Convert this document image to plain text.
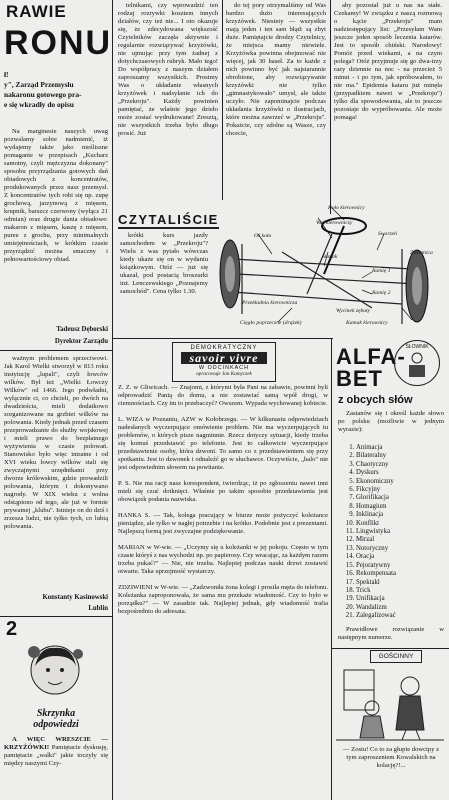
RAWIE
RONU
ł!
y", Zarząd Przemysłu
nakaronu gotowego pra-
e się wkradły do opisu

Na marginesie naszych uwag pozwalamy sobie nadmienić, iż wydajemy także jako nieśliszne pomaganie w przepisach „Kucharz samotny, czyli mężczyzna dokonany" sposobu przyrządzania gotowych dań obiadowych z koncentratów, produkowanych przez nasz przemysł. Z koncentratów tych robi się np. zupę grochową, jarzynową z mięsem, krupnik, barszcz czerwony (wyłącz 21 odmian) oraz drugie dania obiadowe: makaron z mięsem, kaszę z mięsem, puree z grochu, przy minimalnych umiejętnościach, w krótkim czasie przyrządzić można smaczny i pełnowartościowy obiad.

Tadeusz Dęborski
Dyrektor Zarządu

telnikami, czy wprowadzić ten rodzaj rozrywki kosztem innych działów, czy też nie... I oto okazuje się, że zdecydowana większość Czytelników zaczęła aktywnie i regularnie rozwiązywać krzyżówki, nie ujmując przy tym żadnej z dotychczasowych rubryk. Mało tego! Do współpracy z naszym działem zaproszamy wszystkich. Prosimy Was o układanie własnych krzyżówek i nadsyłanie ich do „Przekroju". Każdy powinien pamiętać, że właśnie jego dzieło może zostać wydrukowane! Zresztą, nie wszystkich trzeba było długo prosić. Już

do tej pory otrzymaliśmy od Was bardzo dużo interesujących krzyżówek. Niestety — wszystkie mają jeden i ten sam błąd: są zbyt duże. Pamiętajcie drodzy Czytelnicy, że miejsca mamy niewiele. Krzyżówka powinna obejmować nie więcej, jak 30 haseł. Za to każde z nich powinno być jak najstarannie obrobione, aby rozwiązywanie krzyżówki nie tylko „gimnastykowało" umysł, ale także uczyło. Nie zapominajcie podczas układania krzyżówki o ilustracjach, które można zawrzeć w „Przekroju". Pokażcie, czy zdolne są Wasze, czy chcecie,

aby pozostał już u nas na stałe. Czekamy! W związku z naszą rozmową o kącie „Przekroju" mam nadziestępujący list: „Przesyłam Wam jeszcze jeden sposób leczenia katarów. Jest to sposób chiński. Narodowy! Pomóż przed wiekami, a na czym polega? Otóż przyjmuje się go dwa-trzy razy dziennie na noc - na przecież 5 minut - i po tym, jak spróbowałem, to nie ma." Epidemia kataru już minęła (przypadkiem nawet w „Przekroju") tylko dla spowodowania, ale to jeszcze pozostaje do wypróbowania. Ale może pomaga!

CZYTALIŚCIE

krótki kurs jazdy samochodem w „Przekroju"? Wielu z was pytało wówczas kiedy ukaże się on w wydaniu książkowym. Otóż — już się ukazał, pod postacią broszurki inż. Lenczewskiego „Poznajemy samochód". Cena tylko 1.30.

Koło kierownicy
Wał kierowniczy
Oś koła	Sworzeń
Ślimak
Ramię 1
Ramię 2
Przekładnia kierownicza
Wycinek zębaty
Cięgło poprzeczne (drążek)	Kamak kierownicy
Zwrotnica
DEMOKRATYCZNY
savoir vivre
W ODCINKACH
opracowuje Jan Kamyczek
Z. Z. w Gliwicach. — Znajomi, z którymi była Pani na zabawie, powinni byli odprowadzić Panią do domu, a nie zostawiać samą wpół drogi, w ciemnościach. Czy im to przebaczyć? Owszem. Wypada wychowanej kobiecie.

L. WIZA w Poznaniu, AZW w Kołobrzegu. — W kilkunastu odpowiedziach nadesłanych wyczerpujące omówienie problem. Nie ma wyczerpujących tu problemów, o których pisze nagminnie. Rzecz dotyczy sytuacji, kiedy trzeba się komuś przedstawić po telefonie. Jest to całkowicie wyczerpujące przedstawienie osoby, która dzwoni. To samo co z przedstawieniem się przy spotkaniu. Jest to dzwonek i odnaleźć go w słuchawce. Oczywiście, „halo" nie jest odpowiednim słowem na powitanie.

P. S. Nie ma racji nasz korespondent, twierdząc, iż po zgłoszeniu nawet inni mieli się czuć dotknięci. Właśnie po takim sposobie przedstawienia jest obowiązek podania nazwiska.

HANKA S. — Tak, kolega pracujący w biurze może pożyczyć koleżance pieniądze, ale tylko w nagłej potrzebie i na krótko. Podobnie jest z prezentami. Najlepszą formą jest zwyczajne podziękowanie.

MARIAN w W-wie. — „Uczymy się u koleżanki w jej pokoju. Często w tym czasie któryś z nas wychodzi np. po papierosy. Czy wracając, za każdym razem trzeba pukać?" — Nie, nie trzeba. Najlepiej podczas nauki drzwi zostawić otwarte. Taka uprzejmość wystarczy.

ZDZIWIENI w W-wie. — „Zadzwoniła żona kolegi i prosiła męża do telefonu. Koleżanka zaproponowała, że sama mu przekaże wiadomość. Czy to było w porządku?" — W zasadzie tak. Najlepiej jednak, gdy wiadomość trafia bezpośrednio do adresata.

ważnym problemem sprzeciwowi. Jak Karol Wielki stworzył w 813 roku instytucję „lupali", czyli łowców wilków. Był też „Wielki Łowczy Wilków" od 1466. Jego podwładni, wyłącznie ci, co chcieli, po dwóch na dwadzieścia, mieli dodatkowo zorganizowane na grzbiet wilków na polowania. Kiedy jednak przed czasem przeprowadzanie do służby wojskowej i mieli prawo do bezpłatnego wyżywienia w czasie polowań. Stanowisko było więc intratne i od XVI wieku łowcy wilków stali się zwyczajnymi urzędnikami przy dworze królewskim, gdzie prowadzili polowania, którym i dokonywano nagrody. W XIX wieku z wolna odstąpiono od tego, ale już w formie prywatnej „klubu". Istnieje on do dziś i zrzesza ludzi, nie tylko tych, co lubią polowania.

Konstanty Kasinowski
Lublin
2
Skrzynka
odpowiedzi

A WIĘC WRESZCIE — KRZYŻÓWKI! Pamiętacie dyskusję, pamiętacie „walki" jakie toczyły się między naszymi Czy-

ALFA-
BET
SŁOWNIK
z obcych słów

Zastanów się i określ każde słowo po polsku (możliwie w jednym wyrazie):

1. Animacja
2. Bilateralny
3. Chaotyczny
4. Dyskurs
5. Ekonomiczny
6. Fikcyjny
7. Glorifikacja
8. Homagium
9. Inklinacja
10. Konflikt
11. Lingwistyka
12. Mirzal
13. Notoryczny
14. Oracja
15. Pejoratywny
16. Rekompensata
17. Spektakl
18. Trick
19. Unifikacja
20. Wandalizm
21. Zalegalizować

Prawidłowe rozwiązanie w następnym numerze.

GOŚCINNY
— Zosiu! Co to za głupie dowcipy z tym zaproszeniem Kowalskich na kolację?!...
